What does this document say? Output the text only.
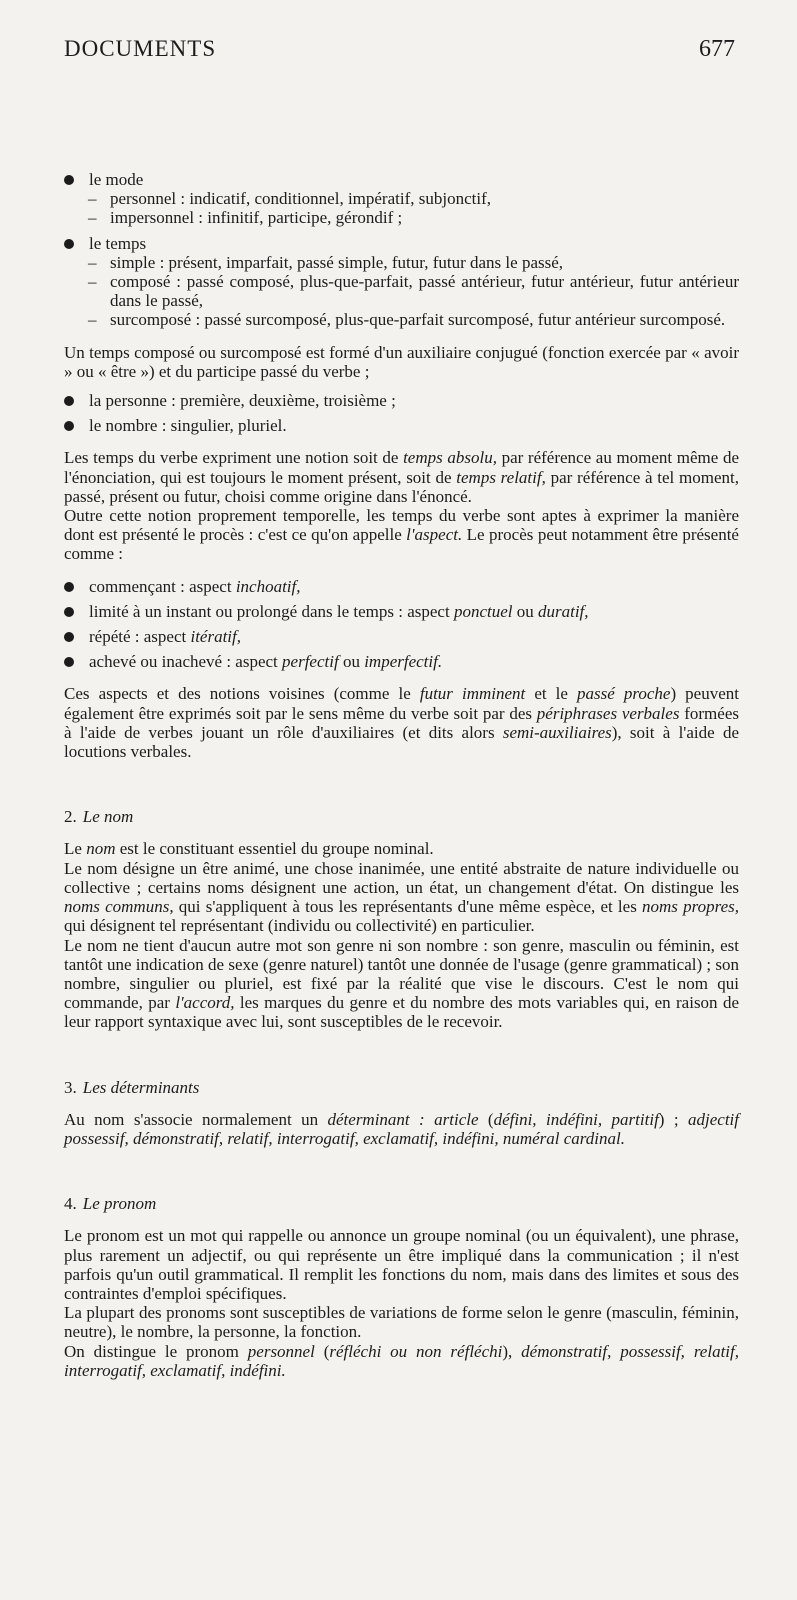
DOCUMENTS	677
le mode
– personnel : indicatif, conditionnel, impératif, subjonctif,
– impersonnel : infinitif, participe, gérondif ;
le temps
– simple : présent, imparfait, passé simple, futur, futur dans le passé,
– composé : passé composé, plus-que-parfait, passé antérieur, futur antérieur, futur antérieur dans le passé,
– surcomposé : passé surcomposé, plus-que-parfait surcomposé, futur antérieur surcomposé.

Un temps composé ou surcomposé est formé d'un auxiliaire conjugué (fonction exercée par « avoir » ou « être ») et du participe passé du verbe ;

la personne : première, deuxième, troisième ;
le nombre : singulier, pluriel.

Les temps du verbe expriment une notion soit de temps absolu, par référence au moment même de l'énonciation, qui est toujours le moment présent, soit de temps relatif, par référence à tel moment, passé, présent ou futur, choisi comme origine dans l'énoncé.

Outre cette notion proprement temporelle, les temps du verbe sont aptes à exprimer la manière dont est présenté le procès : c'est ce qu'on appelle l'aspect. Le procès peut notamment être présenté comme :

commençant : aspect inchoatif,
limité à un instant ou prolongé dans le temps : aspect ponctuel ou duratif,
répété : aspect itératif,
achevé ou inachevé : aspect perfectif ou imperfectif.

Ces aspects et des notions voisines (comme le futur imminent et le passé proche) peuvent également être exprimés soit par le sens même du verbe soit par des périphrases verbales formées à l'aide de verbes jouant un rôle d'auxiliaires (et dits alors semi-auxiliaires), soit à l'aide de locutions verbales.

2. Le nom

Le nom est le constituant essentiel du groupe nominal.

Le nom désigne un être animé, une chose inanimée, une entité abstraite de nature individuelle ou collective ; certains noms désignent une action, un état, un changement d'état. On distingue les noms communs, qui s'appliquent à tous les représentants d'une même espèce, et les noms propres, qui désignent tel représentant (individu ou collectivité) en particulier.

Le nom ne tient d'aucun autre mot son genre ni son nombre : son genre, masculin ou féminin, est tantôt une indication de sexe (genre naturel) tantôt une donnée de l'usage (genre grammatical) ; son nombre, singulier ou pluriel, est fixé par la réalité que vise le discours. C'est le nom qui commande, par l'accord, les marques du genre et du nombre des mots variables qui, en raison de leur rapport syntaxique avec lui, sont susceptibles de le recevoir.

3. Les déterminants

Au nom s'associe normalement un déterminant : article (défini, indéfini, partitif) ; adjectif possessif, démonstratif, relatif, interrogatif, exclamatif, indéfini, numéral cardinal.

4. Le pronom

Le pronom est un mot qui rappelle ou annonce un groupe nominal (ou un équivalent), une phrase, plus rarement un adjectif, ou qui représente un être impliqué dans la communication ; il n'est parfois qu'un outil grammatical. Il remplit les fonctions du nom, mais dans des limites et sous des contraintes d'emploi spécifiques.

La plupart des pronoms sont susceptibles de variations de forme selon le genre (masculin, féminin, neutre), le nombre, la personne, la fonction.

On distingue le pronom personnel (réfléchi ou non réfléchi), démonstratif, possessif, relatif, interrogatif, exclamatif, indéfini.
